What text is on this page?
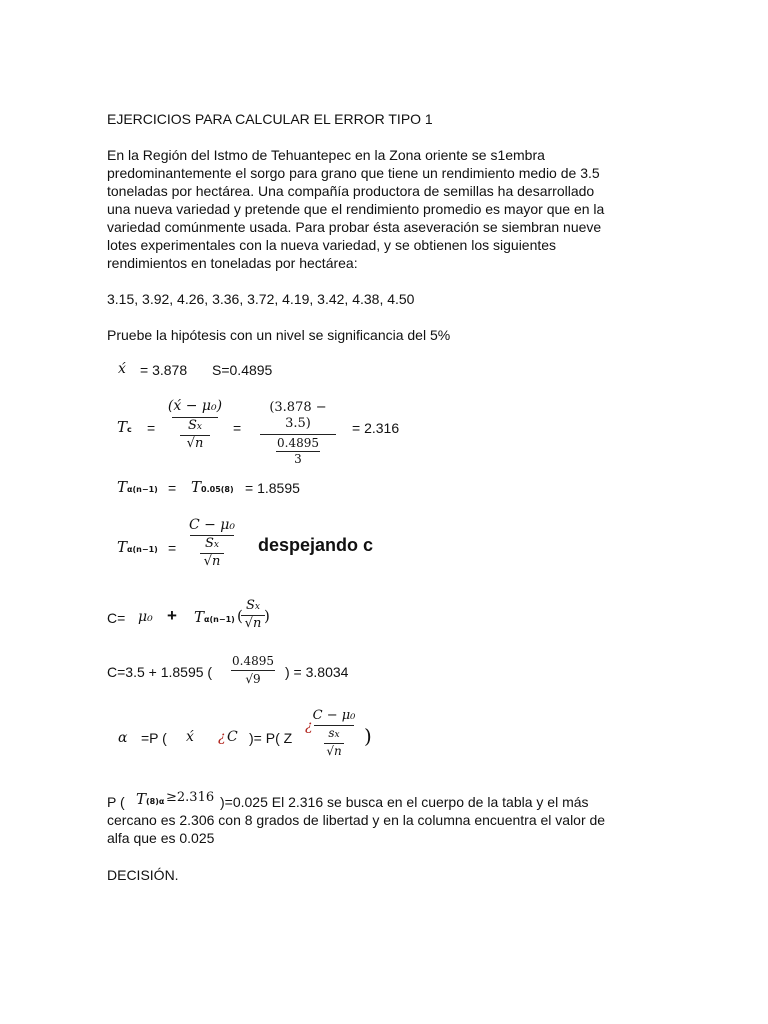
EJERCICIOS PARA CALCULAR EL ERROR TIPO 1
En la Región del Istmo de Tehuantepec en la Zona oriente se s1embra
predominantemente el sorgo para grano que tiene un rendimiento medio de 3.5
toneladas por hectárea. Una compañía productora de semillas ha desarrollado
una nueva variedad y pretende que el rendimiento promedio es mayor que en la
variedad comúnmente usada. Para probar ésta aseveración se siembran nueve
lotes experimentales con la nueva variedad, y se obtienen los siguientes
rendimientos en toneladas por hectárea:
3.15, 3.92, 4.26, 3.36, 3.72, 4.19, 3.42, 4.38, 4.50
Pruebe la hipótesis con un nivel se significancia del 5%
x́ = 3.878 S=0.4895
Tc =
(x́ − μ₀)
Sx
√n
=
(3.878 − 3.5)
0.4895
3
= 2.316
Tα(n−1) = T0.05(8) = 1.8595
Tα(n−1) =
C − μ₀
Sx
√n
despejando c
C= μ₀ + Tα(n−1) (
Sx
√n )
C=3.5 + 1.8595 (
0.4895
√9	) = 3.8034
α =P ( x́ ¿ C )= P( Z
¿
C − μ₀
sx
√n
)
P ( T(8)α ≥2.316 )=0.025 El 2.316 se busca en el cuerpo de la tabla y el más
cercano es 2.306 con 8 grados de libertad y en la columna encuentra el valor de
alfa que es 0.025
DECISIÓN.
